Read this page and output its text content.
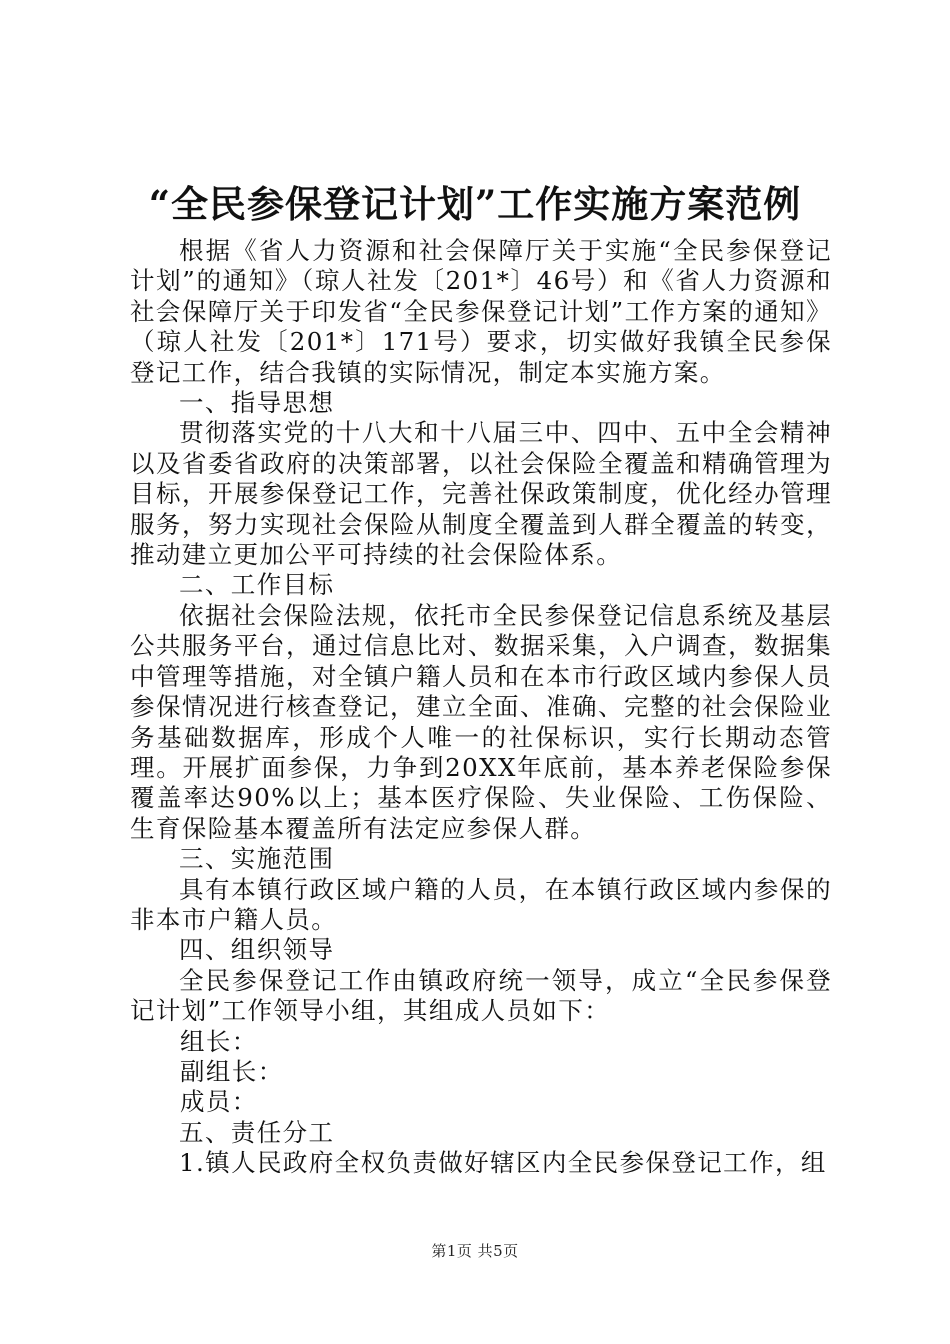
“全民参保登记计划”工作实施方案范例

根据《省人力资源和社会保障厅关于实施“全民参保登记计划”的通知》（琼人社发〔201*〕46号）和《省人力资源和社会保障厅关于印发省“全民参保登记计划”工作方案的通知》（琼人社发〔201*〕171号）要求，切实做好我镇全民参保登记工作，结合我镇的实际情况，制定本实施方案。

一、指导思想

贯彻落实党的十八大和十八届三中、四中、五中全会精神以及省委省政府的决策部署，以社会保险全覆盖和精确管理为目标，开展参保登记工作，完善社保政策制度，优化经办管理服务，努力实现社会保险从制度全覆盖到人群全覆盖的转变，推动建立更加公平可持续的社会保险体系。

二、工作目标

依据社会保险法规，依托市全民参保登记信息系统及基层公共服务平台，通过信息比对、数据采集，入户调查，数据集中管理等措施，对全镇户籍人员和在本市行政区域内参保人员参保情况进行核查登记，建立全面、准确、完整的社会保险业务基础数据库，形成个人唯一的社保标识，实行长期动态管理。开展扩面参保，力争到20XX年底前，基本养老保险参保覆盖率达90%以上；基本医疗保险、失业保险、工伤保险、生育保险基本覆盖所有法定应参保人群。

三、实施范围

具有本镇行政区域户籍的人员，在本镇行政区域内参保的非本市户籍人员。

四、组织领导

全民参保登记工作由镇政府统一领导，成立“全民参保登记计划”工作领导小组，其组成人员如下：

组长：

副组长：

成员：

五、责任分工

1.镇人民政府全权负责做好辖区内全民参保登记工作，组

第1页 共5页
